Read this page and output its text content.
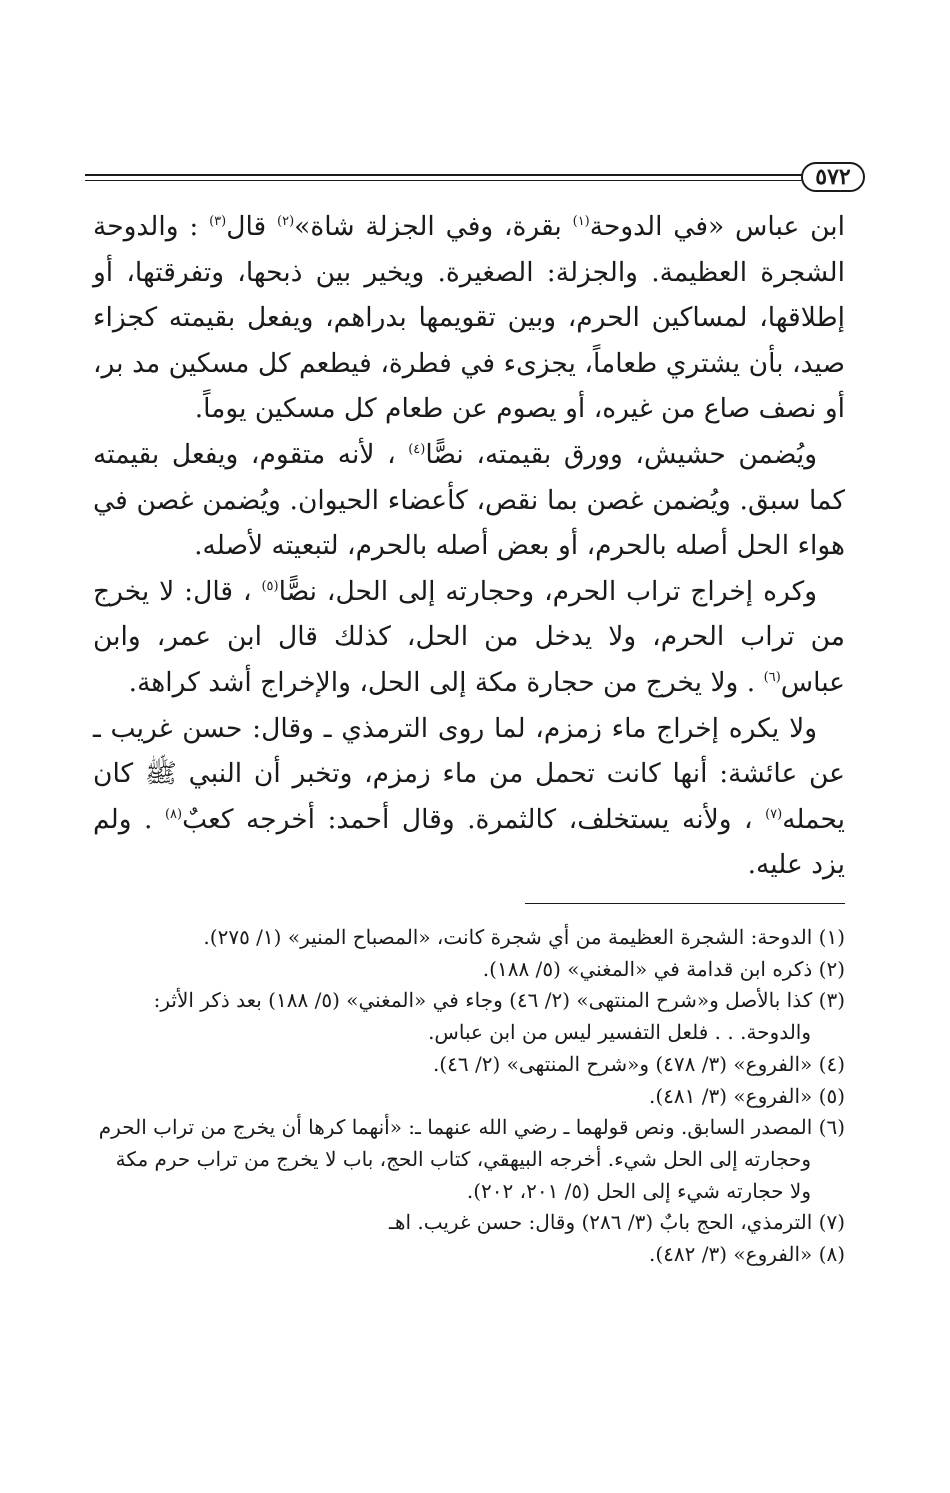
٥٧٢

ابن عباس «في الدوحة$^{(١)}$ بقرة، وفي الجزلة شاة»$^{(٢)}$ قال$^{(٣)}$ : والدوحة الشجرة العظيمة. والجزلة: الصغيرة. ويخير بين ذبحها، وتفرقتها، أو إطلاقها، لمساكين الحرم، وبين تقويمها بدراهم، ويفعل بقيمته كجزاء صيد، بأن يشتري طعاماً، يجزىء في فطرة، فيطعم كل مسكين مد بر، أو نصف صاع من غيره، أو يصوم عن طعام كل مسكين يوماً.

ويُضمن حشيش، وورق بقيمته، نصًّا$^{(٤)}$ ، لأنه متقوم، ويفعل بقيمته كما سبق. ويُضمن غصن بما نقص، كأعضاء الحيوان. ويُضمن غصن في هواء الحل أصله بالحرم، أو بعض أصله بالحرم، لتبعيته لأصله.

وكره إخراج تراب الحرم، وحجارته إلى الحل، نصًّا$^{(٥)}$ ، قال: لا يخرج من تراب الحرم، ولا يدخل من الحل، كذلك قال ابن عمر، وابن عباس$^{(٦)}$ . ولا يخرج من حجارة مكة إلى الحل، والإخراج أشد كراهة.

ولا يكره إخراج ماء زمزم، لما روى الترمذي ـ وقال: حسن غريب ـ عن عائشة: أنها كانت تحمل من ماء زمزم، وتخبر أن النبي ﷺ كان يحمله$^{(٧)}$ ، ولأنه يستخلف، كالثمرة. وقال أحمد: أخرجه كعبٌ$^{(٨)}$ . ولم يزد عليه.

(١) الدوحة: الشجرة العظيمة من أي شجرة كانت، «المصباح المنير» (١/ ٢٧٥).

(٢) ذكره ابن قدامة في «المغني» (٥/ ١٨٨).

(٣) كذا بالأصل و«شرح المنتهى» (٢/ ٤٦) وجاء في «المغني» (٥/ ١٨٨) بعد ذكر الأثر:
والدوحة. . . فلعل التفسير ليس من ابن عباس.

(٤) «الفروع» (٣/ ٤٧٨) و«شرح المنتهى» (٢/ ٤٦).

(٥) «الفروع» (٣/ ٤٨١).

(٦) المصدر السابق. ونص قولهما ـ رضي الله عنهما ـ: «أنهما كرها أن يخرج من تراب الحرم
وحجارته إلى الحل شيء. أخرجه البيهقي، كتاب الحج، باب لا يخرج من تراب حرم مكة
ولا حجارته شيء إلى الحل (٥/ ٢٠١، ٢٠٢).

(٧) الترمذي، الحج بابٌ (٣/ ٢٨٦) وقال: حسن غريب. اهـ

(٨) «الفروع» (٣/ ٤٨٢).
